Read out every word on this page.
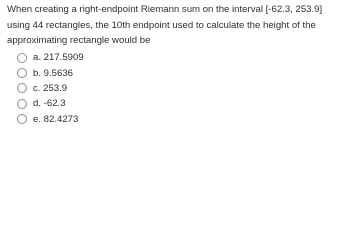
When creating a right-endpoint Riemann sum on the interval [-62.3, 253.9] using 44 rectangles, the 10th endpoint used to calculate the height of the approximating rectangle would be

a. 217.5909
b. 9.5636
c. 253.9
d. -62.3
e. 82.4273
